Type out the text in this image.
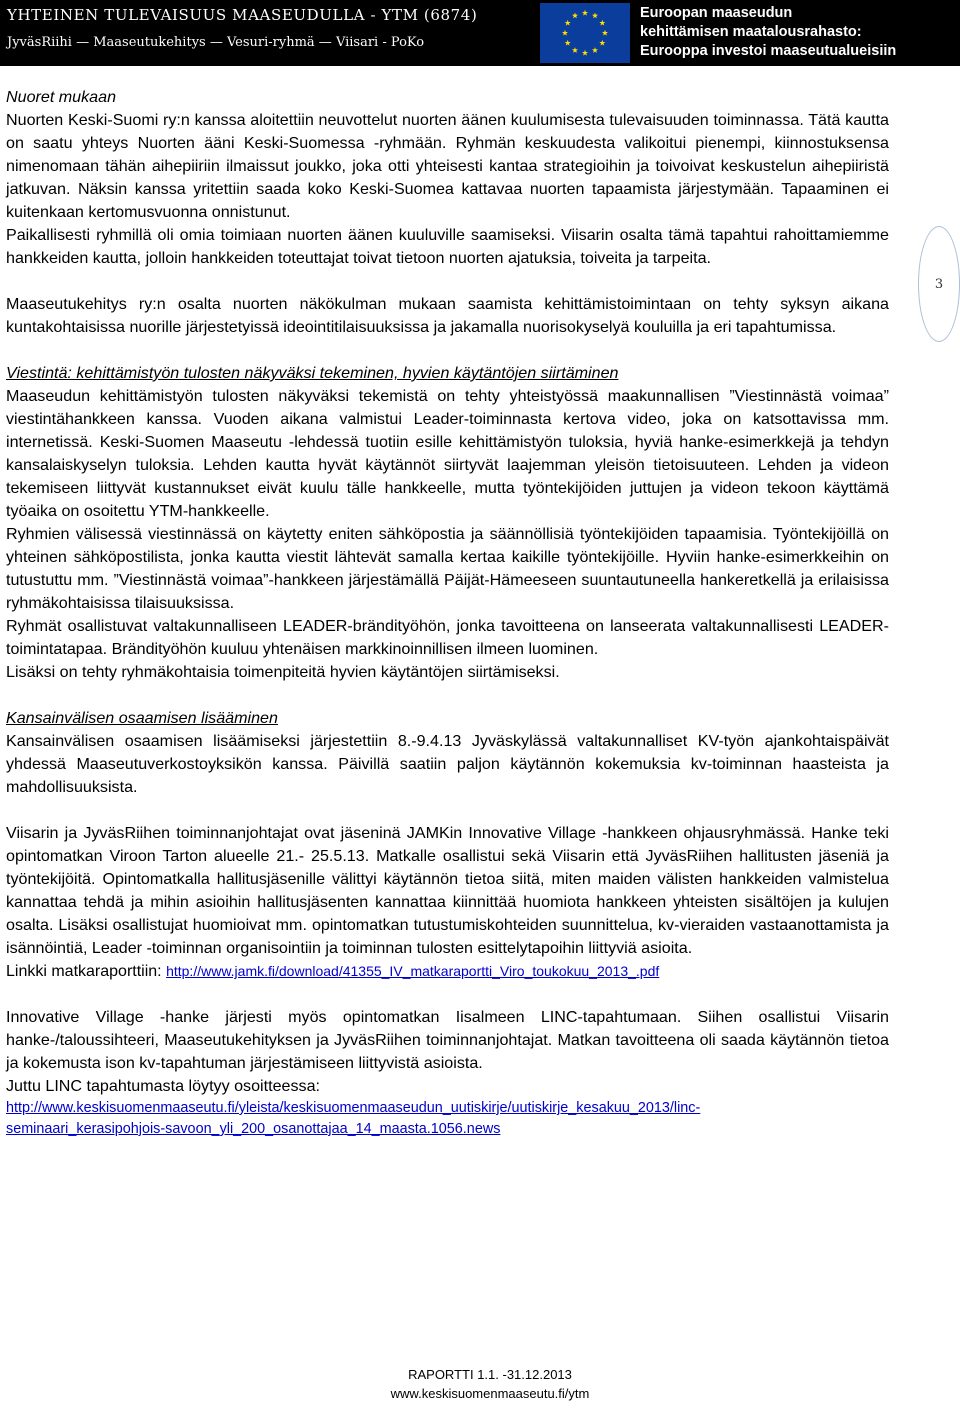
YHTEINEN TULEVAISUUS MAASEUDULLA - YTM (6874)
JyväsRiihi — Maaseutukehitys — Vesuri-ryhmä — Viisari - PoKo
Euroopan maaseudun
kehittämisen maatalousrahasto:
Eurooppa investoi maaseutualueisiin
3

Nuoret mukaan

Nuorten Keski-Suomi ry:n kanssa aloitettiin neuvottelut nuorten äänen kuulumisesta tulevaisuuden toiminnassa. Tätä kautta on saatu yhteys Nuorten ääni Keski-Suomessa -ryhmään. Ryhmän keskuudesta valikoitui pienempi, kiinnostuksensa nimenomaan tähän aihepiiriin ilmaissut joukko, joka otti yhteisesti kantaa strategioihin ja toivoivat keskustelun aihepiiristä jatkuvan. Näksin kanssa yritettiin saada koko Keski-Suomea kattavaa nuorten tapaamista järjestymään. Tapaaminen ei kuitenkaan kertomusvuonna onnistunut.

Paikallisesti ryhmillä oli omia toimiaan nuorten äänen kuuluville saamiseksi. Viisarin osalta tämä tapahtui rahoittamiemme hankkeiden kautta, jolloin hankkeiden toteuttajat toivat tietoon nuorten ajatuksia, toiveita ja tarpeita.

Maaseutukehitys ry:n osalta nuorten näkökulman mukaan saamista kehittämistoimintaan on tehty syksyn aikana kuntakohtaisissa nuorille järjestetyissä ideointitilaisuuksissa ja jakamalla nuorisokyselyä kouluilla ja eri tapahtumissa.

Viestintä: kehittämistyön tulosten näkyväksi tekeminen, hyvien käytäntöjen siirtäminen

Maaseudun kehittämistyön tulosten näkyväksi tekemistä on tehty yhteistyössä maakunnallisen ”Viestinnästä voimaa” viestintähankkeen kanssa. Vuoden aikana valmistui Leader-toiminnasta kertova video, joka on katsottavissa mm. internetissä. Keski-Suomen Maaseutu -lehdessä tuotiin esille kehittämistyön tuloksia, hyviä hanke-esimerkkejä ja tehdyn kansalaiskyselyn tuloksia. Lehden kautta hyvät käytännöt siirtyvät laajemman yleisön tietoisuuteen. Lehden ja videon tekemiseen liittyvät kustannukset eivät kuulu tälle hankkeelle, mutta työntekijöiden juttujen ja videon tekoon käyttämä työaika on osoitettu YTM-hankkeelle.

Ryhmien välisessä viestinnässä on käytetty eniten sähköpostia ja säännöllisiä työntekijöiden tapaamisia. Työntekijöillä on yhteinen sähköpostilista, jonka kautta viestit lähtevät samalla kertaa kaikille työntekijöille. Hyviin hanke-esimerkkeihin on tutustuttu mm. ”Viestinnästä voimaa”-hankkeen järjestämällä Päijät-Hämeeseen suuntautuneella hankeretkellä ja erilaisissa ryhmäkohtaisissa tilaisuuksissa.

Ryhmät osallistuvat valtakunnalliseen LEADER-brändityöhön, jonka tavoitteena on lanseerata valtakunnallisesti LEADER-toimintatapaa. Brändityöhön kuuluu yhtenäisen markkinoinnillisen ilmeen luominen.

Lisäksi on tehty ryhmäkohtaisia toimenpiteitä hyvien käytäntöjen siirtämiseksi.

Kansainvälisen osaamisen lisääminen

Kansainvälisen osaamisen lisäämiseksi järjestettiin 8.-9.4.13 Jyväskylässä valtakunnalliset KV-työn ajankohtaispäivät yhdessä Maaseutuverkostoyksikön kanssa. Päivillä saatiin paljon käytännön kokemuksia kv-toiminnan haasteista ja mahdollisuuksista.

Viisarin ja JyväsRiihen toiminnanjohtajat ovat jäseninä JAMKin Innovative Village -hankkeen ohjausryhmässä. Hanke teki opintomatkan Viroon Tarton alueelle 21.- 25.5.13. Matkalle osallistui sekä Viisarin että JyväsRiihen hallitusten jäseniä ja työntekijöitä. Opintomatkalla hallitusjäsenille välittyi käytännön tietoa siitä, miten maiden välisten hankkeiden valmistelua kannattaa tehdä ja mihin asioihin hallitusjäsenten kannattaa kiinnittää huomiota hankkeen yhteisten sisältöjen ja kulujen osalta. Lisäksi osallistujat huomioivat mm. opintomatkan tutustumiskohteiden suunnittelua, kv-vieraiden vastaanottamista ja isännöintiä, Leader -toiminnan organisointiin ja toiminnan tulosten esittelytapoihin liittyviä asioita.

Linkki matkaraporttiin: http://www.jamk.fi/download/41355_IV_matkaraportti_Viro_toukokuu_2013_.pdf

Innovative Village -hanke järjesti myös opintomatkan Iisalmeen LINC-tapahtumaan. Siihen osallistui Viisarin hanke-/taloussihteeri, Maaseutukehityksen ja JyväsRiihen toiminnanjohtajat. Matkan tavoitteena oli saada käytännön tietoa ja kokemusta ison kv-tapahtuman järjestämiseen liittyvistä asioista.

Juttu LINC tapahtumasta löytyy osoitteessa:

http://www.keskisuomenmaaseutu.fi/yleista/keskisuomenmaaseudun_uutiskirje/uutiskirje_kesakuu_2013/linc-
seminaari_kerasipohjois-savoon_yli_200_osanottajaa_14_maasta.1056.news
RAPORTTI 1.1. -31.12.2013
www.keskisuomenmaaseutu.fi/ytm
